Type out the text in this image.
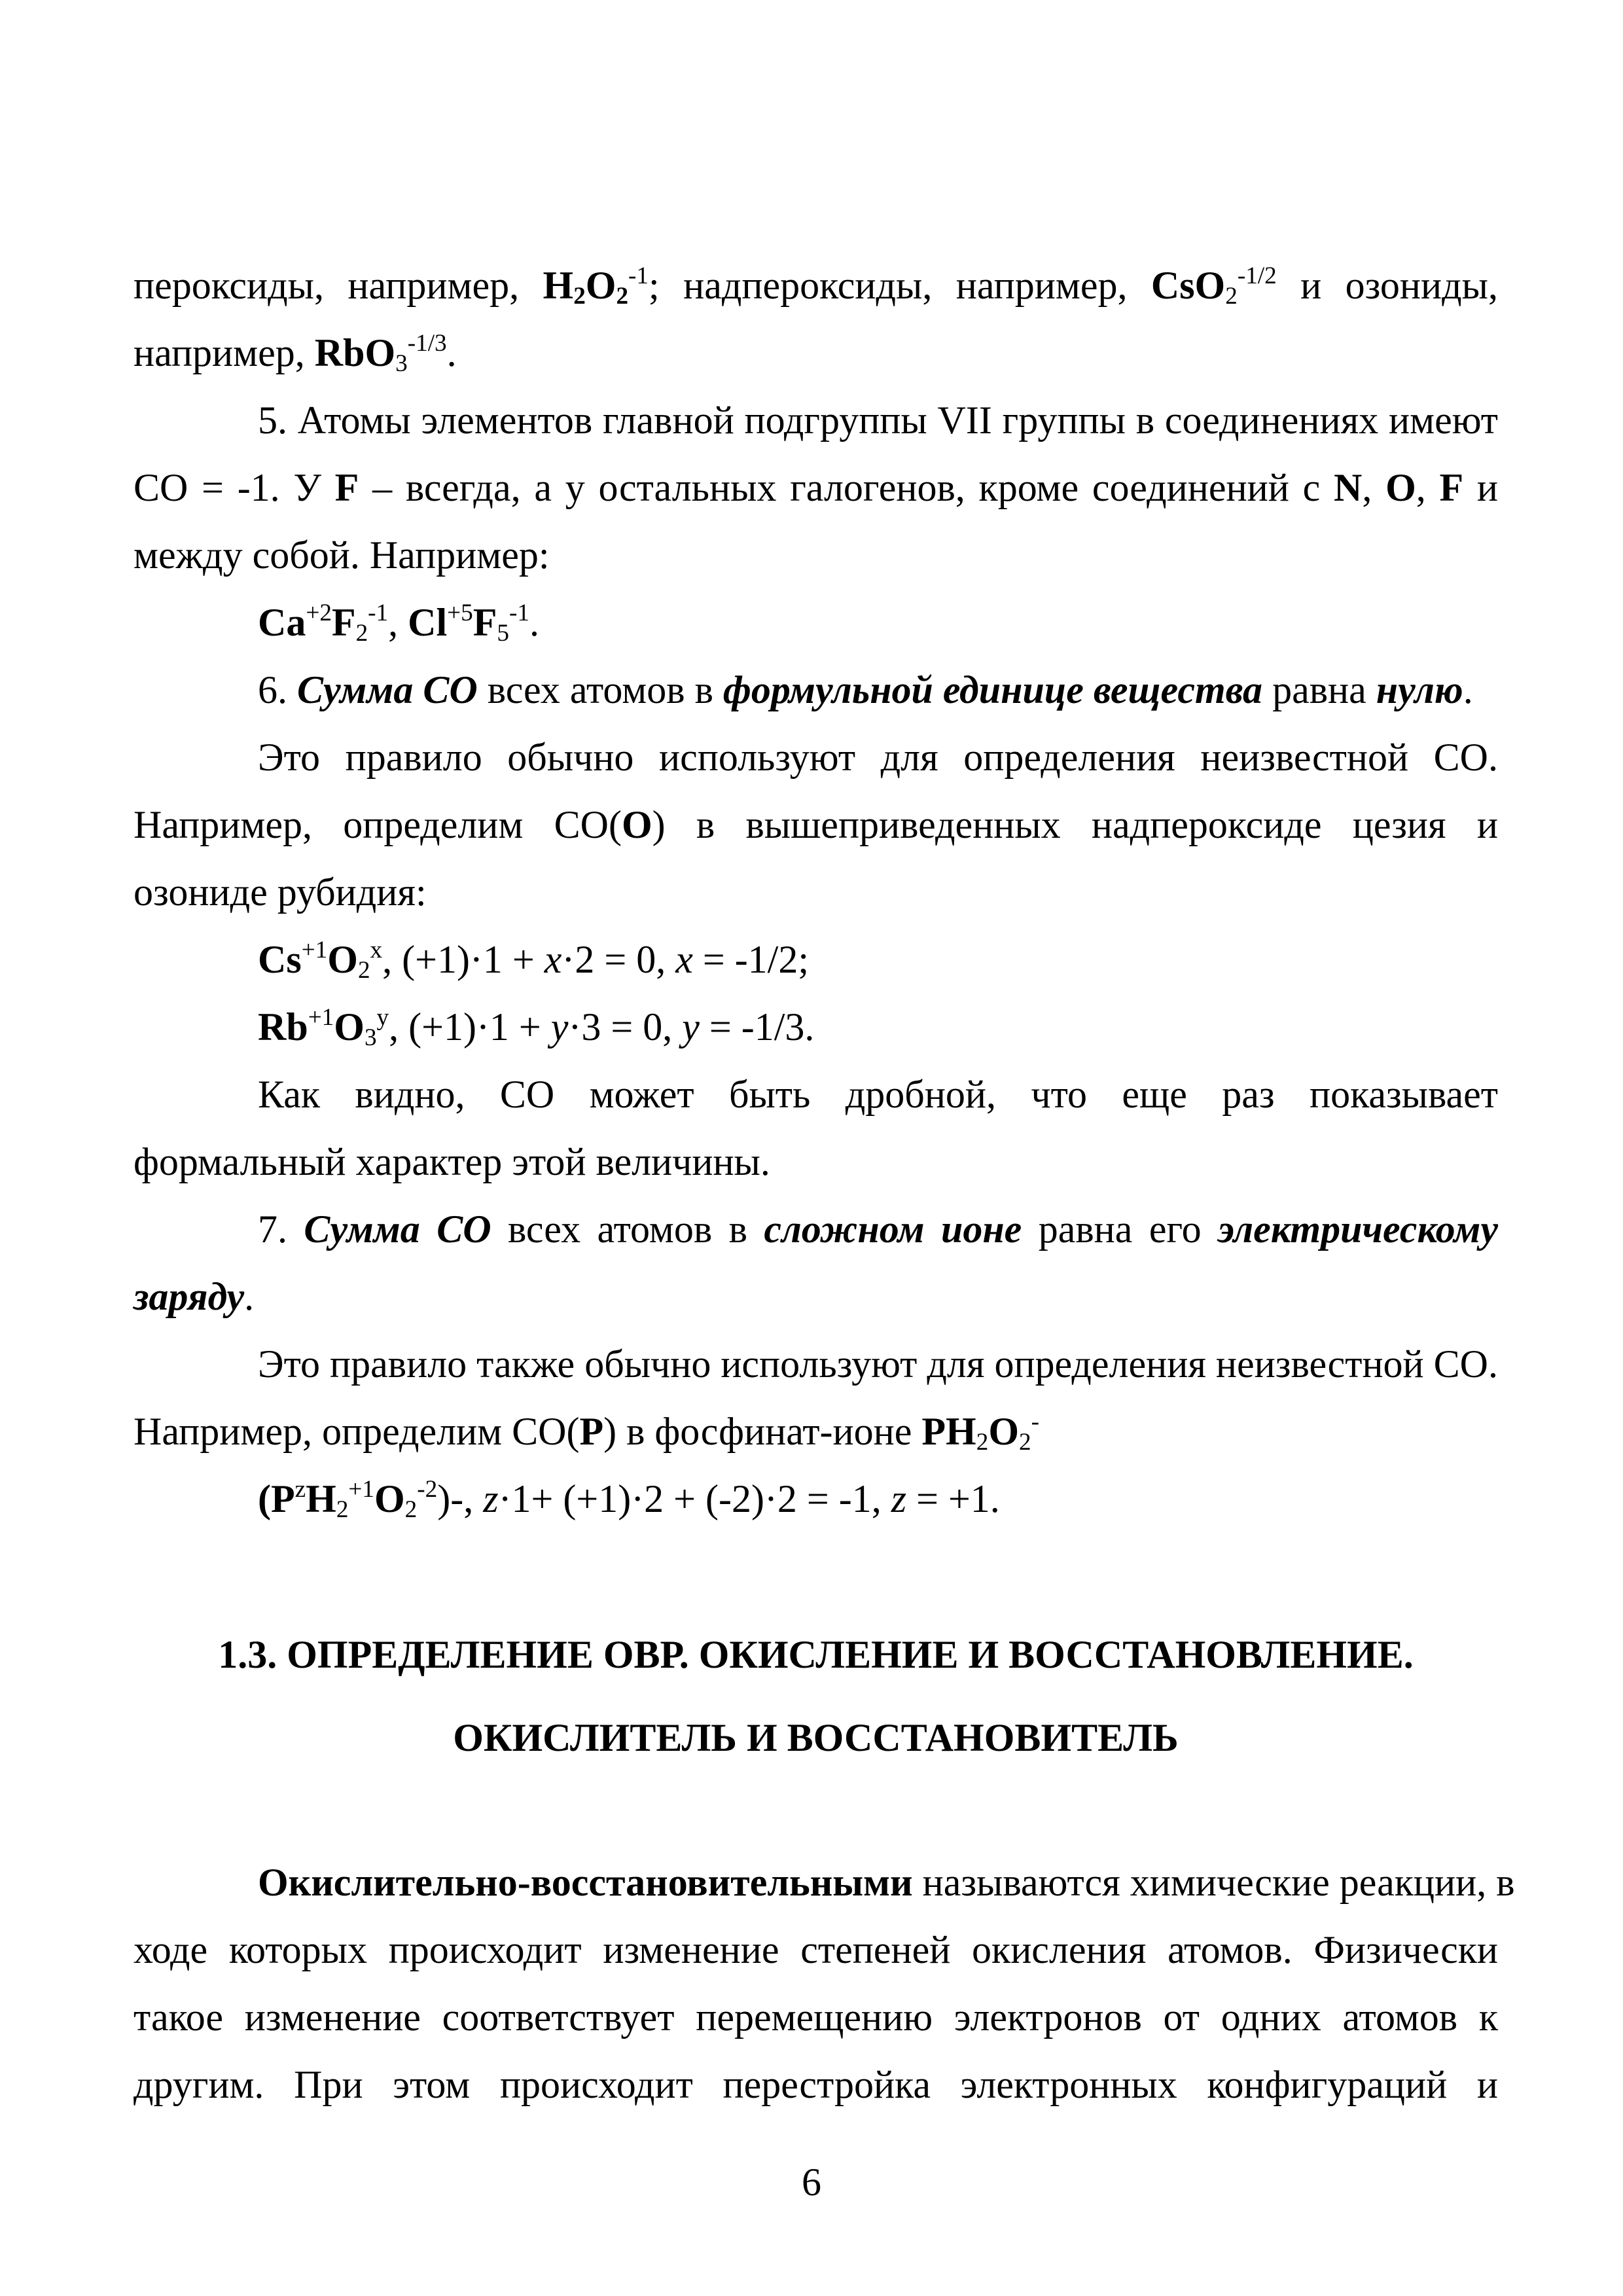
пероксиды, например, $H_2O_2^{-1}$; надпероксиды, например, CsO$_2^{-1/2}$ и озониды,
например, RbO$_3^{-1/3}$.
5. Атомы элементов главной подгруппы VII группы в соединениях имеют
СО = -1. У F – всегда, а у остальных галогенов, кроме соединений с N, O, F и
между собой. Например:
$Ca^{+2}F_2^{-1}$, $Cl^{+5}F_5^{-1}$.
6. Сумма СО всех атомов в формульной единице вещества равна нулю.
Это правило обычно используют для определения неизвестной СО.
Например, определим СО(O) в вышеприведенных надпероксиде цезия и
озониде рубидия:
$Cs^{+1}O_2^x$, (+1)·1 + x·2 = 0, x = -1/2;
$Rb^{+1}O_3^y$, (+1)·1 + y·3 = 0, y = -1/3.
Как видно, СО может быть дробной, что еще раз показывает
формальный характер этой величины.
7. Сумма СО всех атомов в сложном ионе равна его электрическому
заряду.
Это правило также обычно используют для определения неизвестной СО.
Например, определим СО(P) в фосфинат-ионе $PH_2O_2^-$
$(P^zH_2^{+1}O_2^{-2})-$, z·1+ (+1)·2 + (-2)·2 = -1, z = +1.
1.3. ОПРЕДЕЛЕНИЕ ОВР. ОКИСЛЕНИЕ И ВОССТАНОВЛЕНИЕ.
ОКИСЛИТЕЛЬ И ВОССТАНОВИТЕЛЬ
Окислительно-восстановительными называются химические реакции, в
ходе которых происходит изменение степеней окисления атомов. Физически
такое изменение соответствует перемещению электронов от одних атомов к
другим. При этом происходит перестройка электронных конфигураций и
6
